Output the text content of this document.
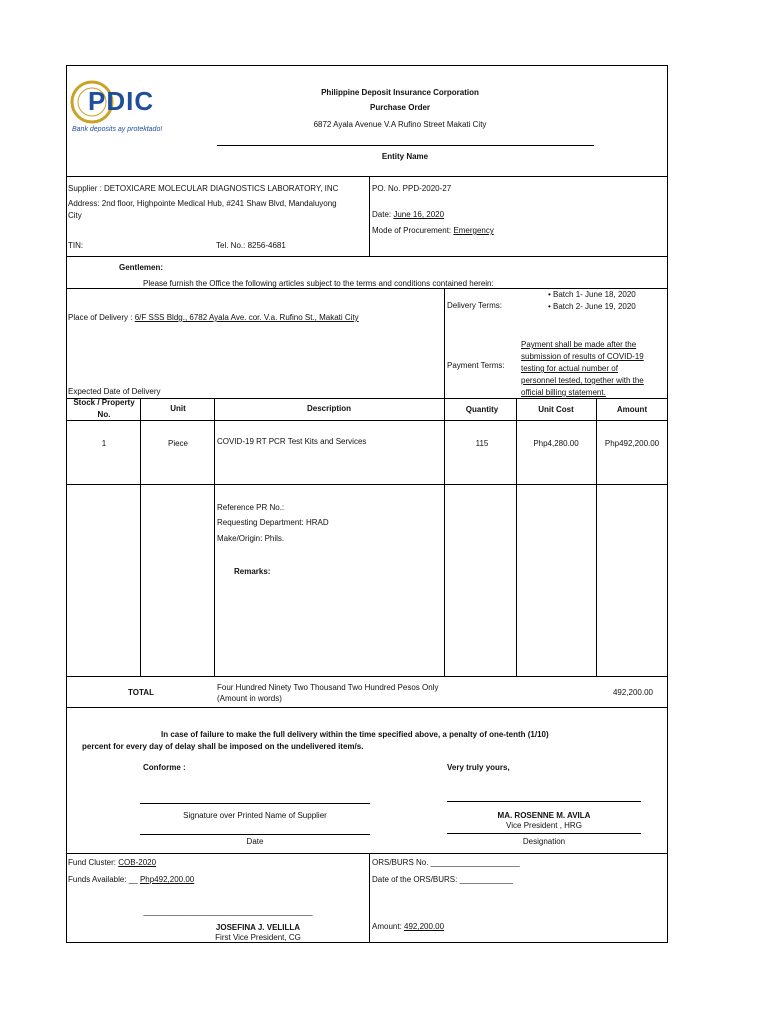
PDIC
Bank deposits ay protektado!
Philippine Deposit Insurance Corporation
Purchase Order
6872 Ayala Avenue V.A Rufino Street Makati City
Entity Name
Supplier : DETOXICARE MOLECULAR DIAGNOSTICS LABORATORY, INC
Address: 2nd floor, Highpointe Medical Hub, #241 Shaw Blvd, Mandaluyong
City
TIN:	Tel. No.: 8256-4681
PO. No. PPD-2020-27
Date: June 16, 2020
Mode of Procurement: Emergency
Gentlemen:
Please furnish the Office the following articles subject to the terms and conditions contained herein:
Place of Delivery : 6/F SSS Bldg., 6782 Ayala Ave. cor. V.a. Rufino St., Makati City
Expected Date of Delivery
Delivery Terms:
• Batch 1- June 18, 2020
• Batch 2- June 19, 2020
Payment Terms:
Payment shall be made after the
submission of results of COVID-19
testing for actual number of
personnel tested, together with the
official billing statement.
Stock / Property
No.
Unit	Description	Quantity	Unit Cost	Amount
1	Piece	COVID-19 RT PCR Test Kits and Services	115	Php4,280.00	Php492,200.00
Reference PR No.:
Requesting Department: HRAD
Make/Origin: Phils.
Remarks:
TOTAL
Four Hundred Ninety Two Thousand Two Hundred Pesos Only
(Amount in words)
492,200.00
In case of failure to make the full delivery within the time specified above, a penalty of one-tenth (1/10)
percent for every day of delay shall be imposed on the undelivered item/s.
Conforme :	Very truly yours,
Signature over Printed Name of Supplier
Date
MA. ROSENNE M. AVILA
Vice President , HRG
Designation
Fund Cluster: COB-2020
Funds Available: __ Php492,200.00
______________________________________
JOSEFINA J. VELILLA
First Vice President, CG
ORS/BURS No. ____________________
Date of the ORS/BURS: ____________
Amount: 492,200.00
